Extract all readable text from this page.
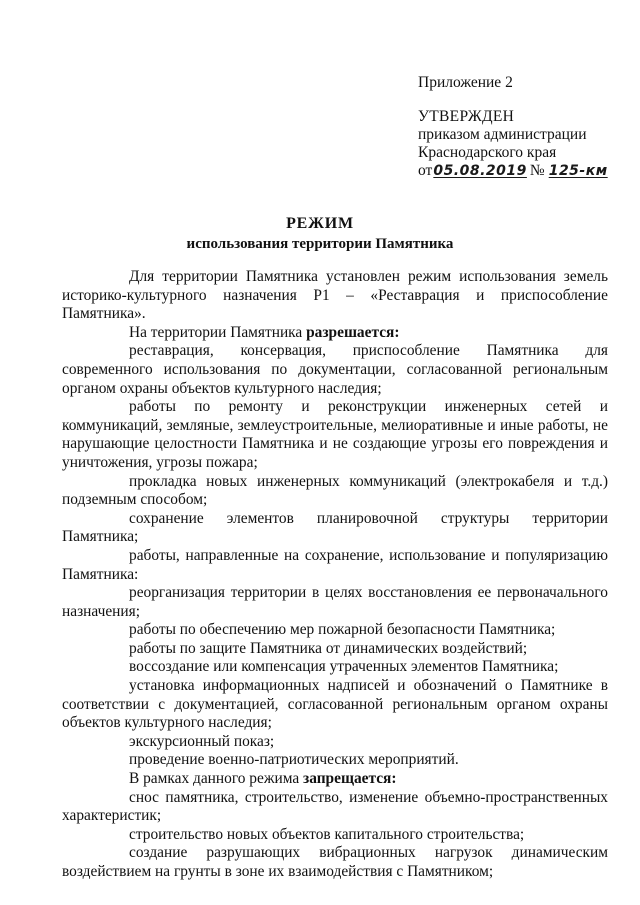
Приложение 2

УТВЕРЖДЕН

приказом администрации

Краснодарского края

от05.08.2019 № 125-км

РЕЖИМ
использования территории Памятника

Для территории Памятника установлен режим использования земель историко-культурного назначения Р1 – «Реставрация и приспособление Памятника».

На территории Памятника разрешается:

реставрация, консервация, приспособление Памятника для современного использования по документации, согласованной региональным органом охраны объектов культурного наследия;

работы по ремонту и реконструкции инженерных сетей и коммуникаций, земляные, землеустроительные, мелиоративные и иные работы, не нарушающие целостности Памятника и не создающие угрозы его повреждения и уничтожения, угрозы пожара;

прокладка новых инженерных коммуникаций (электрокабеля и т.д.) подземным способом;

сохранение элементов планировочной структуры территории Памятника;

работы, направленные на сохранение, использование и популяризацию Памятника:

реорганизация территории в целях восстановления ее первоначального назначения;

работы по обеспечению мер пожарной безопасности Памятника;

работы по защите Памятника от динамических воздействий;

воссоздание или компенсация утраченных элементов Памятника;

установка информационных надписей и обозначений о Памятнике в соответствии с документацией, согласованной региональным органом охраны объектов культурного наследия;

экскурсионный показ;

проведение военно-патриотических мероприятий.

В рамках данного режима запрещается:

снос памятника, строительство, изменение объемно-пространственных характеристик;

строительство новых объектов капитального строительства;

создание разрушающих вибрационных нагрузок динамическим воздействием на грунты в зоне их взаимодействия с Памятником;
